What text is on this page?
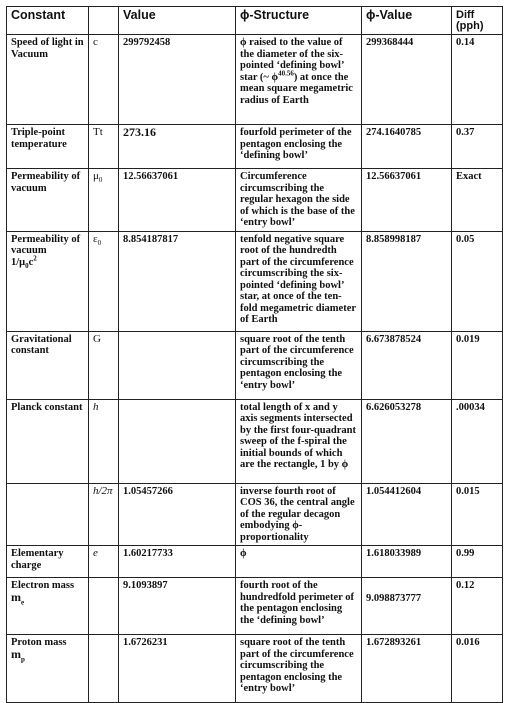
Constant		Value	ϕ-Structure	ϕ-Value	Diff
(pph)
Speed of light in Vacuum	c	299792458	ϕ raised to the value of the diameter of the six-pointed ‘defining bowl’ star (~ $\phi^{40.56}$) at once the mean square megametric radius of Earth	299368444	0.14
Triple-point temperature	Tt	273.16	fourfold perimeter of the pentagon enclosing the ‘defining bowl’	274.1640785	0.37
Permeability of vacuum	$\mu_0$	12.56637061	Circumference circumscribing the regular hexagon the side of which is the base of the ‘entry bowl’	12.56637061	Exact
Permeability of vacuum
$1/\mu_0c^2$	$\varepsilon_0$	8.854187817	tenfold negative square root of the hundredth part of the circumference circumscribing the six-pointed ‘defining bowl’ star, at once of the ten-fold megametric diameter of Earth	8.858998187	0.05
Gravitational constant	G		square root of the tenth part of the circumference circumscribing the pentagon enclosing the ‘entry bowl’	6.673878524	0.019
Planck constant	h		total length of x and y axis segments intersected by the first four-quadrant sweep of the f-spiral the initial bounds of which are the rectangle, 1 by ϕ	6.626053278	.00034
	h/2π	1.05457266	inverse fourth root of COS 36, the central angle of the regular decagon embodying ϕ-proportionality	1.054412604	0.015
Elementary charge	e	1.60217733	ϕ	1.618033989	0.99
Electron mass
$m_e$		9.1093897	fourth root of the hundredfold perimeter of the pentagon enclosing the ‘defining bowl’	9.098873777	0.12
Proton mass
$m_p$		1.6726231	square root of the tenth part of the circumference circumscribing the pentagon enclosing the ‘entry bowl’	1.672893261	0.016
